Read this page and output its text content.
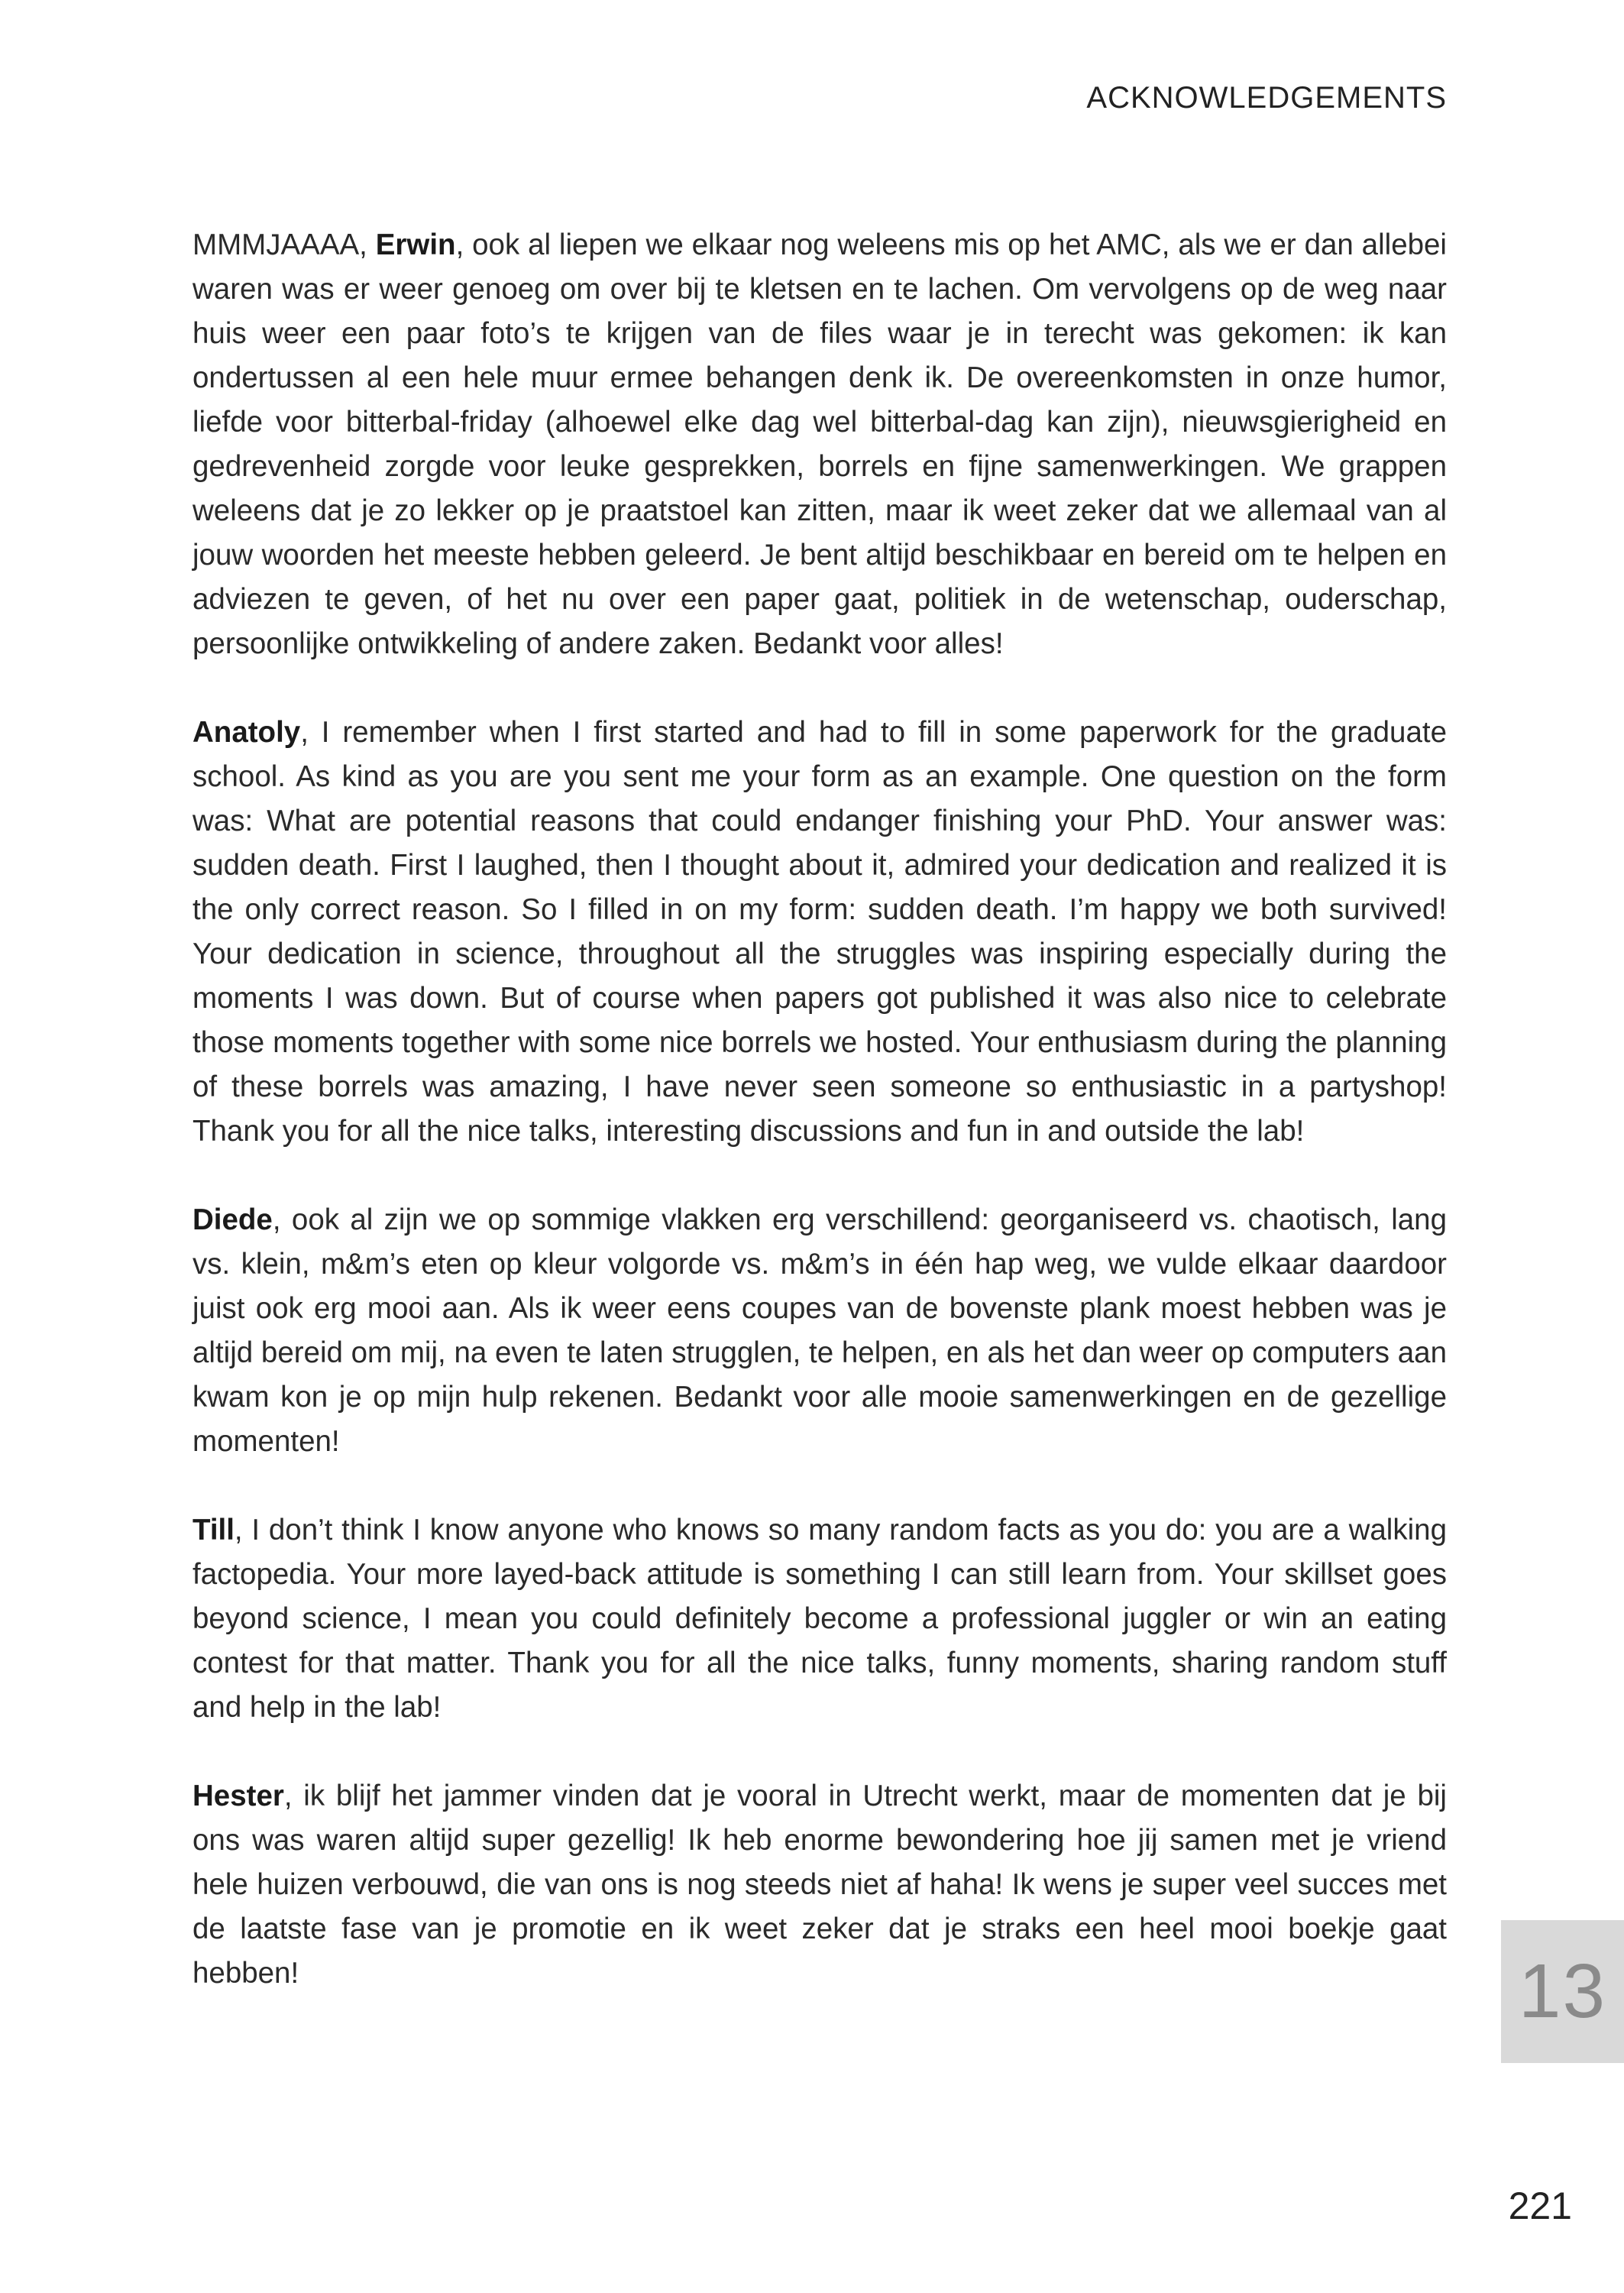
ACKNOWLEDGEMENTS

MMMJAAAA, Erwin, ook al liepen we elkaar nog weleens mis op het AMC, als we er dan allebei waren was er weer genoeg om over bij te kletsen en te lachen. Om vervolgens op de weg naar huis weer een paar foto’s te krijgen van de files waar je in terecht was gekomen: ik kan ondertussen al een hele muur ermee behangen denk ik. De overeenkomsten in onze humor, liefde voor bitterbal-friday (alhoewel elke dag wel bitterbal-dag kan zijn), nieuwsgierigheid en gedrevenheid zorgde voor leuke gesprekken, borrels en fijne samenwerkingen. We grappen weleens dat je zo lekker op je praatstoel kan zitten, maar ik weet zeker dat we allemaal van al jouw woorden het meeste hebben geleerd. Je bent altijd beschikbaar en bereid om te helpen en adviezen te geven, of het nu over een paper gaat, politiek in de wetenschap, ouderschap, persoonlijke ontwikkeling of andere zaken. Bedankt voor alles!

Anatoly, I remember when I first started and had to fill in some paperwork for the graduate school. As kind as you are you sent me your form as an example. One question on the form was: What are potential reasons that could endanger finishing your PhD. Your answer was: sudden death. First I laughed, then I thought about it, admired your dedication and realized it is the only correct reason. So I filled in on my form: sudden death. I’m happy we both survived! Your dedication in science, throughout all the struggles was inspiring especially during the moments I was down. But of course when papers got published it was also nice to celebrate those moments together with some nice borrels we hosted. Your enthusiasm during the planning of these borrels was amazing, I have never seen someone so enthusiastic in a partyshop! Thank you for all the nice talks, interesting discussions and fun in and outside the lab!

Diede, ook al zijn we op sommige vlakken erg verschillend: georganiseerd vs. chaotisch, lang vs. klein, m&m’s eten op kleur volgorde vs. m&m’s in één hap weg, we vulde elkaar daardoor juist ook erg mooi aan. Als ik weer eens coupes van de bovenste plank moest hebben was je altijd bereid om mij, na even te laten strugglen, te helpen, en als het dan weer op computers aan kwam kon je op mijn hulp rekenen. Bedankt voor alle mooie samenwerkingen en de gezellige momenten!

Till, I don’t think I know anyone who knows so many random facts as you do: you are a walking factopedia. Your more layed-back attitude is something I can still learn from. Your skillset goes beyond science, I mean you could definitely become a professional juggler or win an eating contest for that matter. Thank you for all the nice talks, funny moments, sharing random stuff and help in the lab!

Hester, ik blijf het jammer vinden dat je vooral in Utrecht werkt, maar de momenten dat je bij ons was waren altijd super gezellig! Ik heb enorme bewondering hoe jij samen met je vriend hele huizen verbouwd, die van ons is nog steeds niet af haha! Ik wens je super veel succes met de laatste fase van je promotie en ik weet zeker dat je straks een heel mooi boekje gaat hebben!	13
221
